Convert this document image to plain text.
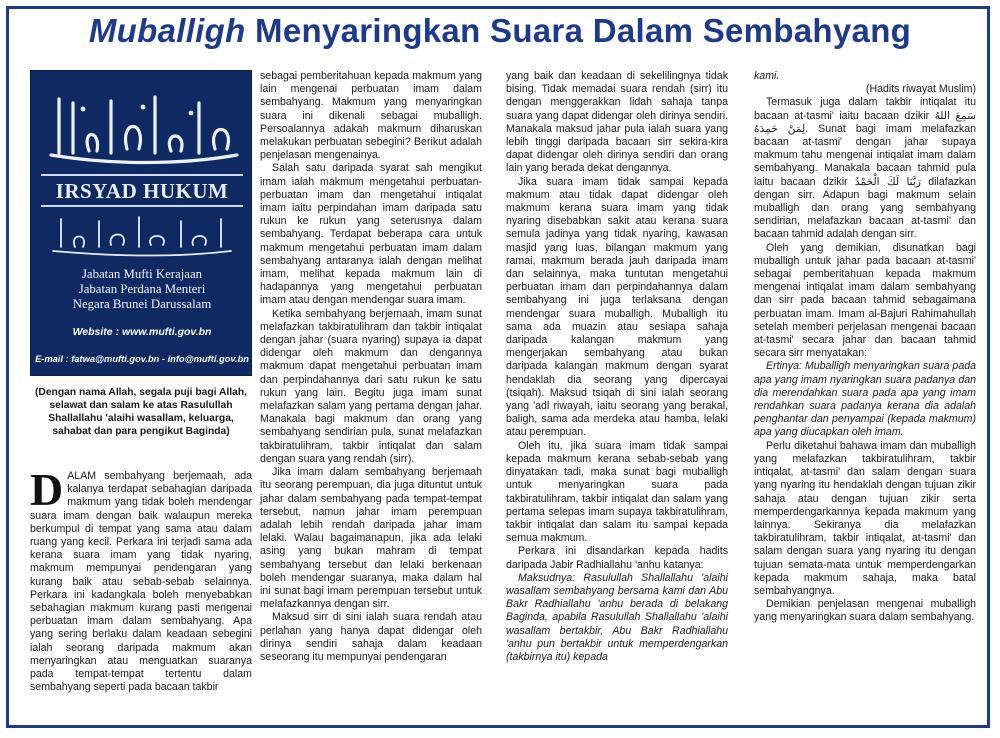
Muballigh Menyaringkan Suara Dalam Sembahyang
IRSYAD HUKUM
Jabatan Mufti Kerajaan
Jabatan Perdana Menteri
Negara Brunei Darussalam
Website : www.mufti.gov.bn
E-mail : fatwa@mufti.gov.bn - info@mufti.gov.bn
(Dengan nama Allah, segala puji bagi Allah, selawat dan salam ke atas Rasulullah Shallallahu 'alaihi wasallam, keluarga, sahabat dan para pengikut Baginda)
D ALAM sembahyang berjemaah, ada kalanya terdapat sebahagian daripada makmum yang tidak boleh mendengar suara imam dengan baik walaupun mereka berkumpul di tempat yang sama atau dalam ruang yang kecil. Perkara ini terjadi sama ada kerana suara imam yang tidak nyaring, makmum mempunyai pendengaran yang kurang baik atau sebab-sebab selainnya. Perkara ini kadangkala boleh menyebabkan sebahagian makmum kurang pasti mengenai perbuatan imam dalam sembahyang. Apa yang sering berlaku dalam keadaan sebegini ialah seorang daripada makmum akan menyaringkan atau menguatkan suaranya pada tempat-tempat tertentu dalam sembahyang seperti pada bacaan takbir

sebagai pemberitahuan kepada makmum yang lain mengenai perbuatan imam dalam sembahyang. Makmum yang menyaringkan suara ini dikenali sebagai muballigh. Persoalannya adakah makmum diharuskan melakukan perbuatan sebegini? Berikut adalah penjelasan mengenainya.

Salah satu daripada syarat sah mengikut imam ialah makmum mengetahui perbuatan-perbuatan imam dan mengetahui intiqalat imam iaitu perpindahan imam daripada satu rukun ke rukun yang seterusnya dalam sembahyang. Terdapat beberapa cara untuk makmum mengetahui perbuatan imam dalam sembahyang antaranya ialah dengan melihat imam, melihat kepada makmum lain di hadapannya yang mengetahui perbuatan imam atau dengan mendengar suara imam.

Ketika sembahyang berjemaah, imam sunat melafazkan takbiratulihram dan takbir intiqalat dengan jahar (suara nyaring) supaya ia dapat didengar oleh makmum dan dengannya makmum dapat mengetahui perbuatan imam dan perpindahannya dari satu rukun ke satu rukun yang lain. Begitu juga imam sunat melafazkan salam yang pertama dengan jahar. Manakala bagi makmum dan orang yang sembahyang sendirian pula, sunat melafazkan takbiratulihram, takbir intiqalat dan salam dengan suara yang rendah (sirr).

Jika imam dalam sembahyang berjemaah itu seorang perempuan, dia juga dituntut untuk jahar dalam sembahyang pada tempat-tempat tersebut, namun jahar imam perempuan adalah lebih rendah daripada jahar imam lelaki. Walau bagaimanapun, jika ada lelaki asing yang bukan mahram di tempat sembahyang tersebut dan lelaki berkenaan boleh mendengar suaranya, maka dalam hal ini sunat bagi imam perempuan tersebut untuk melafazkannya dengan sirr.

Maksud sirr di sini ialah suara rendah atau perlahan yang hanya dapat didengar oleh dirinya sendiri sahaja dalam keadaan seseorang itu mempunyai pendengaran

yang baik dan keadaan di sekelilingnya tidak bising. Tidak memadai suara rendah (sirr) itu dengan menggerakkan lidah sahaja tanpa suara yang dapat didengar oleh dirinya sendiri. Manakala maksud jahar pula ialah suara yang lebih tinggi daripada bacaan sirr sekira-kira dapat didengar oleh dirinya sendiri dan orang lain yang berada dekat dengannya.

Jika suara imam tidak sampai kepada makmum atau tidak dapat didengar oleh makmum kerana suara imam yang tidak nyaring disebabkan sakit atau kerana suara semula jadinya yang tidak nyaring, kawasan masjid yang luas, bilangan makmum yang ramai, makmum berada jauh daripada imam dan selainnya, maka tuntutan mengetahui perbuatan imam dan perpindahannya dalam sembahyang ini juga terlaksana dengan mendengar suara muballigh. Muballigh itu sama ada muazin atau sesiapa sahaja daripada kalangan makmum yang mengerjakan sembahyang atau bukan daripada kalangan makmum dengan syarat hendaklah dia seorang yang dipercayai (tsiqah). Maksud tsiqah di sini ialah seorang yang 'adl riwayah, iaitu seorang yang berakal, baligh, sama ada merdeka atau hamba, lelaki atau perempuan.

Oleh itu, jika suara imam tidak sampai kepada makmum kerana sebab-sebab yang dinyatakan tadi, maka sunat bagi muballigh untuk menyaringkan suara pada takbiratulihram, takbir intiqalat dan salam yang pertama selepas imam supaya takbiratulihram, takbir intiqalat dan salam itu sampai kepada semua makmum.

Perkara ini disandarkan kepada hadits daripada Jabir Radhiallahu 'anhu katanya:

Maksudnya: Rasulullah Shallallahu 'alaihi wasallam sembahyang bersama kami dan Abu Bakr Radhiallahu 'anhu berada di belakang Baginda, apabila Rasulullah Shallallahu 'alaihi wasallam bertakbir, Abu Bakr Radhiallahu 'anhu pun bertakbir untuk memperdengarkan (takbirnya itu) kepada

kami.

(Hadits riwayat Muslim)

Termasuk juga dalam takbir intiqalat itu bacaan at-tasmi' iaitu bacaan dzikir سَمِعَ اللهُ لِمَنْ حَمِدَهُ. Sunat bagi imam melafazkan bacaan at-tasmi' dengan jahar supaya makmum tahu mengenai intiqalat imam dalam sembahyang. Manakala bacaan tahmid pula iaitu bacaan dzikir رَبَّنَا لَكَ الْحَمْدُ dilafazkan dengan sirr. Adapun bagi makmum selain muballigh dan orang yang sembahyang sendirian, melafazkan bacaan at-tasmi' dan bacaan tahmid adalah dengan sirr.

Oleh yang demikian, disunatkan bagi muballigh untuk jahar pada bacaan at-tasmi' sebagai pemberitahuan kepada makmum mengenai intiqalat imam dalam sembahyang dan sirr pada bacaan tahmid sebagaimana perbuatan imam. Imam al-Bajuri Rahimahullah setelah memberi perjelasan mengenai bacaan at-tasmi' secara jahar dan bacaan tahmid secara sirr menyatakan:

Ertinya: Muballigh menyaringkan suara pada apa yang imam nyaringkan suara padanya dan dia merendahkan suara pada apa yang imam rendahkan suara padanya kerana dia adalah penghantar dan penyampai (kepada makmum) apa yang diucapkan oleh imam.

Perlu diketahui bahawa imam dan muballigh yang melafazkan takbiratulihram, takbir intiqalat, at-tasmi' dan salam dengan suara yang nyaring itu hendaklah dengan tujuan zikir sahaja atau dengan tujuan zikir serta memperdengarkannya kepada makmum yang lainnya. Sekiranya dia melafazkan takbiratulihram, takbir intiqalat, at-tasmi' dan salam dengan suara yang nyaring itu dengan tujuan semata-mata untuk memperdengarkan kepada makmum sahaja, maka batal sembahyangnya.

Demikian penjelasan mengenai muballigh yang menyaringkan suara dalam sembahyang.
